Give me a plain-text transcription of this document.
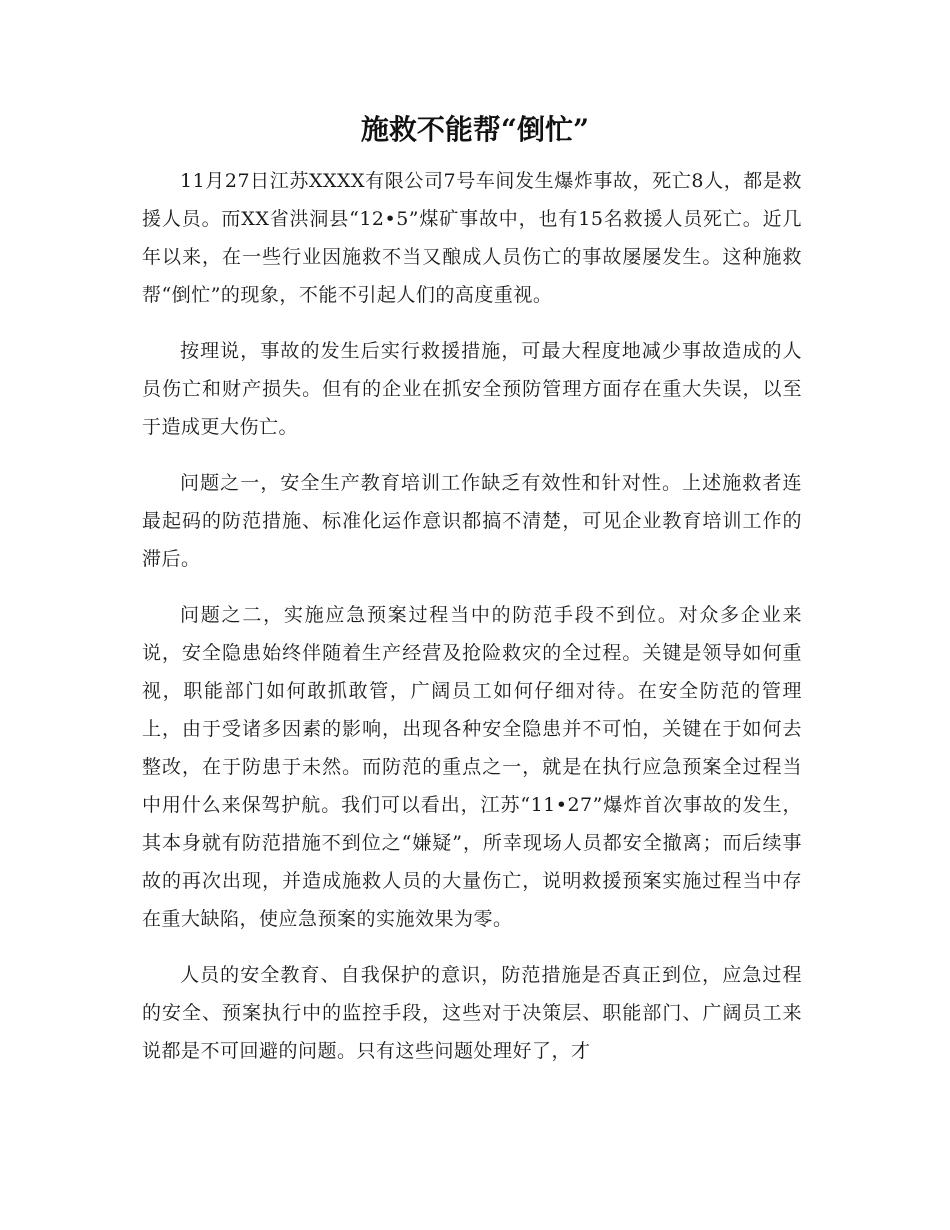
施救不能帮“倒忙”

11月27日江苏XXXX有限公司7号车间发生爆炸事故，死亡8人，都是救援人员。而XX省洪洞县“12•5”煤矿事故中，也有15名救援人员死亡。近几年以来，在一些行业因施救不当又酿成人员伤亡的事故屡屡发生。这种施救帮“倒忙”的现象，不能不引起人们的高度重视。

按理说，事故的发生后实行救援措施，可最大程度地减少事故造成的人员伤亡和财产损失。但有的企业在抓安全预防管理方面存在重大失误，以至于造成更大伤亡。

问题之一，安全生产教育培训工作缺乏有效性和针对性。上述施救者连最起码的防范措施、标准化运作意识都搞不清楚，可见企业教育培训工作的滞后。

问题之二，实施应急预案过程当中的防范手段不到位。对众多企业来说，安全隐患始终伴随着生产经营及抢险救灾的全过程。关键是领导如何重视，职能部门如何敢抓敢管，广阔员工如何仔细对待。在安全防范的管理上，由于受诸多因素的影响，出现各种安全隐患并不可怕，关键在于如何去整改，在于防患于未然。而防范的重点之一，就是在执行应急预案全过程当中用什么来保驾护航。我们可以看出，江苏“11•27”爆炸首次事故的发生，其本身就有防范措施不到位之“嫌疑”，所幸现场人员都安全撤离；而后续事故的再次出现，并造成施救人员的大量伤亡，说明救援预案实施过程当中存在重大缺陷，使应急预案的实施效果为零。

人员的安全教育、自我保护的意识，防范措施是否真正到位，应急过程的安全、预案执行中的监控手段，这些对于决策层、职能部门、广阔员工来说都是不可回避的问题。只有这些问题处理好了，才
